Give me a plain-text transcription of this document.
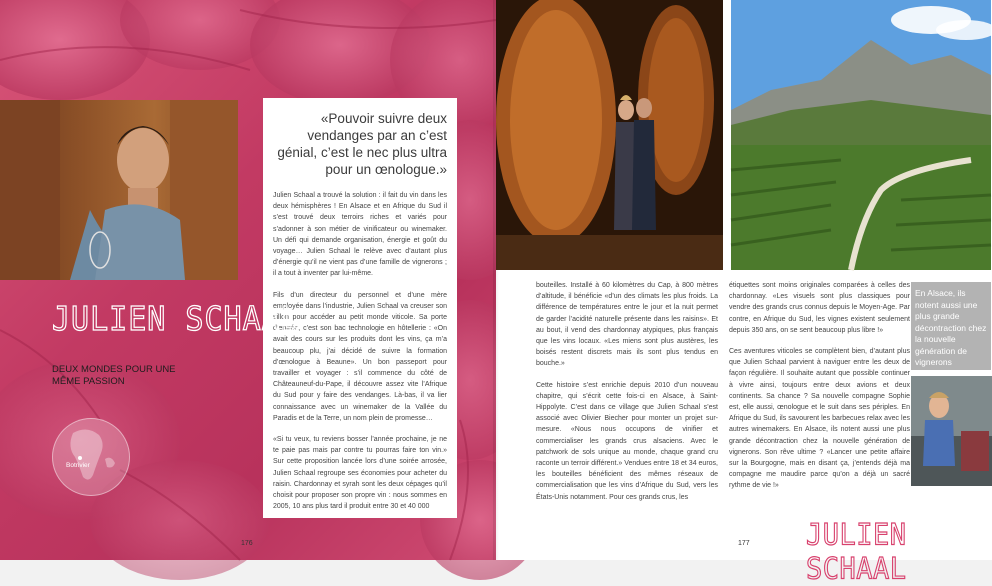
«Pouvoir suivre deux vendanges par an c’est génial, c’est le nec plus ultra pour un œnologue.»

Julien Schaal a trouvé la solution : il fait du vin dans les deux hémisphères ! En Alsace et en Afrique du Sud il s’est trouvé deux terroirs riches et variés pour s’adonner à son métier de vinificateur ou winemaker. Un défi qui demande organisation, énergie et goût du voyage… Julien Schaal le relève avec d’autant plus d’énergie qu’il ne vient pas d’une famille de vignerons ; il a tout à inventer par lui-même.

Fils d’un directeur du personnel et d’une mère employée dans l’industrie, Julien Schaal va creuser son sillon pour accéder au petit monde viticole. Sa porte d’entrée, c’est son bac technologie en hôtellerie : «On avait des cours sur les produits dont les vins, ça m’a beaucoup plu, j’ai décidé de suivre la formation d’œnologue à Beaune». Un bon passeport pour travailler et voyager : s’il commence du côté de Châteauneuf-du-Pape, il découvre assez vite l’Afrique du Sud pour y faire des vendanges. Là-bas, il va lier connaissance avec un winemaker de la Vallée du Paradis et de la Terre, un nom plein de promesse…

«Si tu veux, tu reviens bosser l’année prochaine, je ne te paie pas mais par contre tu pourras faire ton vin.» Sur cette proposition lancée lors d’une soirée arrosée, Julien Schaal regroupe ses économies pour acheter du raisin. Chardonnay et syrah sont les deux cépages qu’il choisit pour proposer son propre vin : nous sommes en 2005, 10 ans plus tard il produit entre 30 et 40 000

JULIEN SCHAAL
DEUX MONDES POUR UNE MÊME PASSION
Botrivier
176

bouteilles. Installé à 60 kilomètres du Cap, à 800 mètres d’altitude, il bénéficie «d’un des climats les plus froids. La différence de températures entre le jour et la nuit permet de garder l’acidité naturelle présente dans les raisins». Et au bout, il vend des chardonnay atypiques, plus français que les vins locaux. «Les miens sont plus austères, les boisés restent discrets mais ils sont plus tendus en bouche.»

Cette histoire s’est enrichie depuis 2010 d’un nouveau chapitre, qui s’écrit cette fois-ci en Alsace, à Saint-Hippolyte. C’est dans ce village que Julien Schaal s’est associé avec Olivier Biecher pour monter un projet sur-mesure. «Nous nous occupons de vinifier et commercialiser les grands crus alsaciens. Avec le patchwork de sols unique au monde, chaque grand cru raconte un terroir différent.» Vendues entre 18 et 34 euros, les bouteilles bénéficient des mêmes réseaux de commercialisation que les vins d’Afrique du Sud, vers les États-Unis notamment. Pour ces grands crus, les

étiquettes sont moins originales comparées à celles des chardonnay. «Les visuels sont plus classiques pour vendre des grands crus connus depuis le Moyen-Age. Par contre, en Afrique du Sud, les vignes existent seulement depuis 350 ans, on se sent beaucoup plus libre !»

Ces aventures viticoles se complètent bien, d’autant plus que Julien Schaal parvient à naviguer entre les deux de façon régulière. Il souhaite autant que possible continuer à vivre ainsi, toujours entre deux avions et deux continents. Sa chance ? Sa nouvelle compagne Sophie est, elle aussi, œnologue et le suit dans ses périples. En Afrique du Sud, ils savourent les barbecues relax avec les autres winemakers. En Alsace, ils notent aussi une plus grande décontraction chez la nouvelle génération de vignerons. Son rêve ultime ? «Lancer une petite affaire sur la Bourgogne, mais en disant ça, j’entends déjà ma compagne me maudire parce qu’on a déjà un sacré rythme de vie !»

En Alsace, ils notent aussi une plus grande décontraction chez la nouvelle génération de vignerons
JULIEN SCHAAL
177
